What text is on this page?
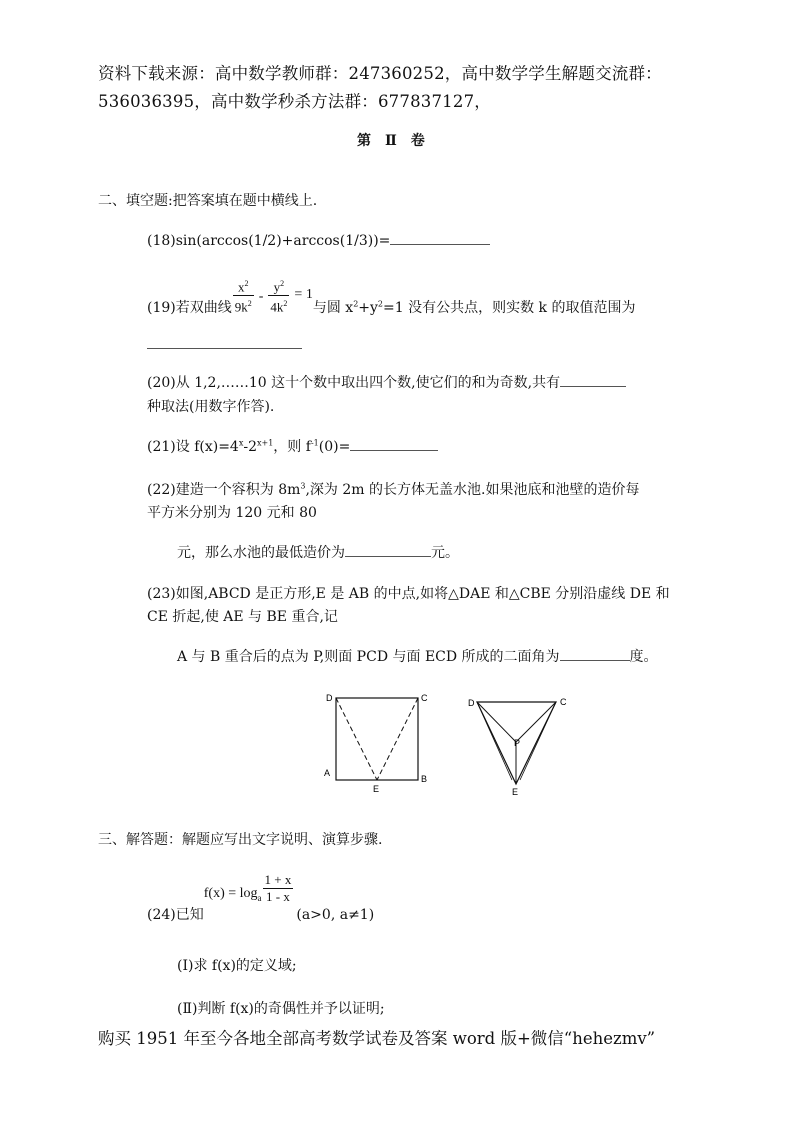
资料下载来源：高中数学教师群：247360252，高中数学学生解题交流群：
536036395，高中数学秒杀方法群：677837127，
第　Ⅱ　卷
二、填空题:把答案填在题中横线上.
(18)sin(arccos(1/2)+arccos(1/3))=
(19)若双曲线 $\frac{x^2}{9k^2} - \frac{y^2}{4k^2} = 1$与圆 $x^2+y^2=1$ 没有公共点，则实数 k 的取值范围为
(20)从 1,2,……10 这十个数中取出四个数,使它们的和为奇数,共有
种取法(用数字作答).
(21)设 $f(x)=4^x-2^{x+1}$，则 $f^{-1}(0)=$
(22)建造一个容积为 $8m^3$,深为 2m 的长方体无盖水池.如果池底和池壁的造价每
平方米分别为 120 元和 80
元，那么水池的最低造价为	元。
(23)如图,ABCD 是正方形,E 是 AB 的中点,如将△DAE 和△CBE 分别沿虚线 DE 和
CE 折起,使 AE 与 BE 重合,记
A 与 B 重合后的点为 P,则面 PCD 与面 ECD 所成的二面角为	度。
D	C
A
B
E
D	C
P
E
三、解答题：解题应写出文字说明、演算步骤.
(24)已知$f(x) = \log_a \frac{1 + x}{1 - x}$
(a>0, a≠1)
(Ⅰ)求 f(x)的定义域;
(Ⅱ)判断 f(x)的奇偶性并予以证明;
购买 1951 年至今各地全部高考数学试卷及答案 word 版+微信“hehezmv”
